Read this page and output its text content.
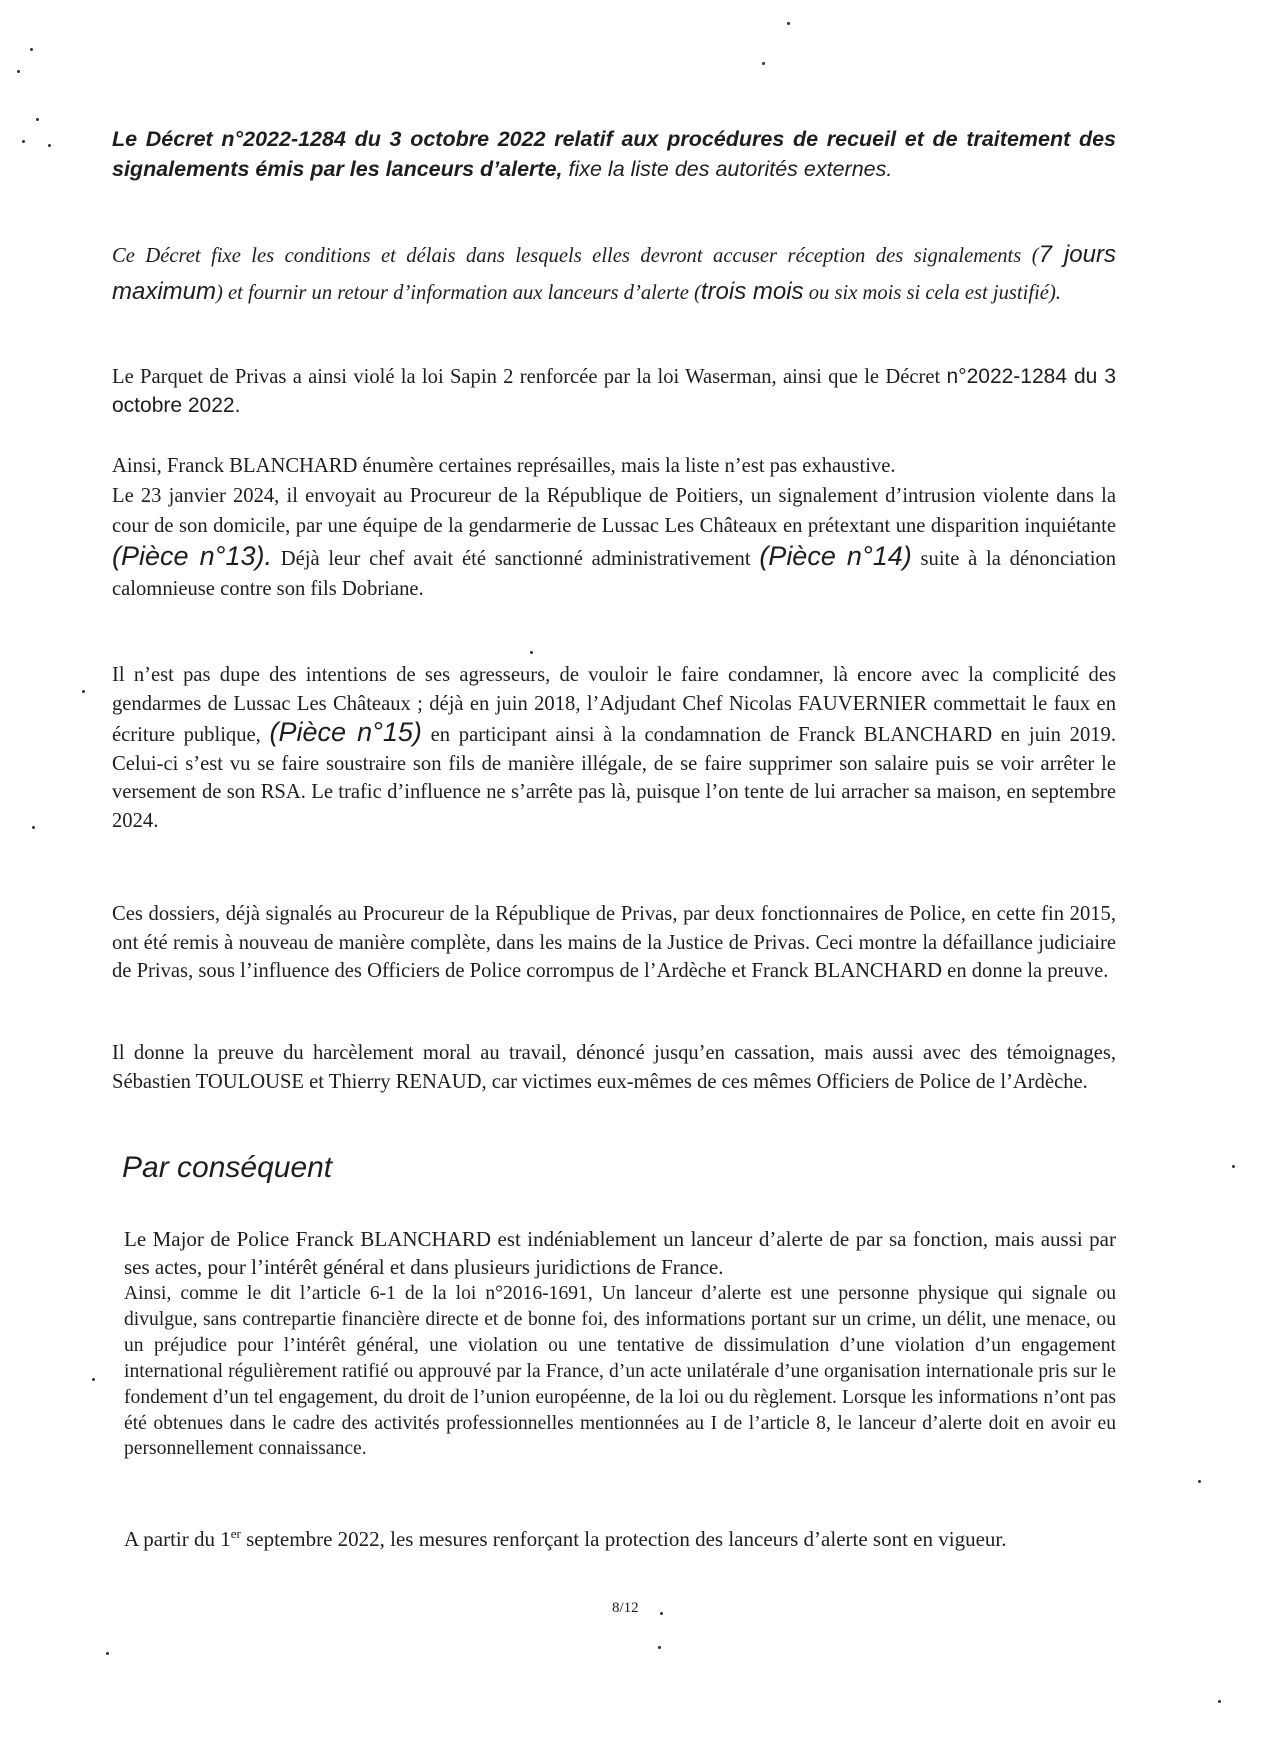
Le Décret n°2022-1284 du 3 octobre 2022 relatif aux procédures de recueil et de traitement des signalements émis par les lanceurs d’alerte, fixe la liste des autorités externes.
Ce Décret fixe les conditions et délais dans lesquels elles devront accuser réception des signalements (7 jours maximum) et fournir un retour d’information aux lanceurs d’alerte (trois mois ou six mois si cela est justifié).
Le Parquet de Privas a ainsi violé la loi Sapin 2 renforcée par la loi Waserman, ainsi que le Décret n°2022-1284 du 3 octobre 2022.
Ainsi, Franck BLANCHARD énumère certaines représailles, mais la liste n’est pas exhaustive.
Le 23 janvier 2024, il envoyait au Procureur de la République de Poitiers, un signalement d’intrusion violente dans la cour de son domicile, par une équipe de la gendarmerie de Lussac Les Châteaux en prétextant une disparition inquiétante (Pièce n°13). Déjà leur chef avait été sanctionné administrativement (Pièce n°14) suite à la dénonciation calomnieuse contre son fils Dobriane.
Il n’est pas dupe des intentions de ses agresseurs, de vouloir le faire condamner, là encore avec la complicité des gendarmes de Lussac Les Châteaux ; déjà en juin 2018, l’Adjudant Chef Nicolas FAUVERNIER commettait le faux en écriture publique, (Pièce n°15) en participant ainsi à la condamnation de Franck BLANCHARD en juin 2019. Celui-ci s’est vu se faire soustraire son fils de manière illégale, de se faire supprimer son salaire puis se voir arrêter le versement de son RSA. Le trafic d’influence ne s’arrête pas là, puisque l’on tente de lui arracher sa maison, en septembre 2024.
Ces dossiers, déjà signalés au Procureur de la République de Privas, par deux fonctionnaires de Police, en cette fin 2015, ont été remis à nouveau de manière complète, dans les mains de la Justice de Privas. Ceci montre la défaillance judiciaire de Privas, sous l’influence des Officiers de Police corrompus de l’Ardèche et Franck BLANCHARD en donne la preuve.
Il donne la preuve du harcèlement moral au travail, dénoncé jusqu’en cassation, mais aussi avec des témoignages, Sébastien TOULOUSE et Thierry RENAUD, car victimes eux-mêmes de ces mêmes Officiers de Police de l’Ardèche.
Par conséquent
Le Major de Police Franck BLANCHARD est indéniablement un lanceur d’alerte de par sa fonction, mais aussi par ses actes, pour l’intérêt général et dans plusieurs juridictions de France.
Ainsi, comme le dit l’article 6-1 de la loi n°2016-1691, Un lanceur d’alerte est une personne physique qui signale ou divulgue, sans contrepartie financière directe et de bonne foi, des informations portant sur un crime, un délit, une menace, ou un préjudice pour l’intérêt général, une violation ou une tentative de dissimulation d’une violation d’un engagement international régulièrement ratifié ou approuvé par la France, d’un acte unilatérale d’une organisation internationale pris sur le fondement d’un tel engagement, du droit de l’union européenne, de la loi ou du règlement. Lorsque les informations n’ont pas été obtenues dans le cadre des activités professionnelles mentionnées au I de l’article 8, le lanceur d’alerte doit en avoir eu personnellement connaissance.
A partir du 1er septembre 2022, les mesures renforçant la protection des lanceurs d’alerte sont en vigueur.
8/12
